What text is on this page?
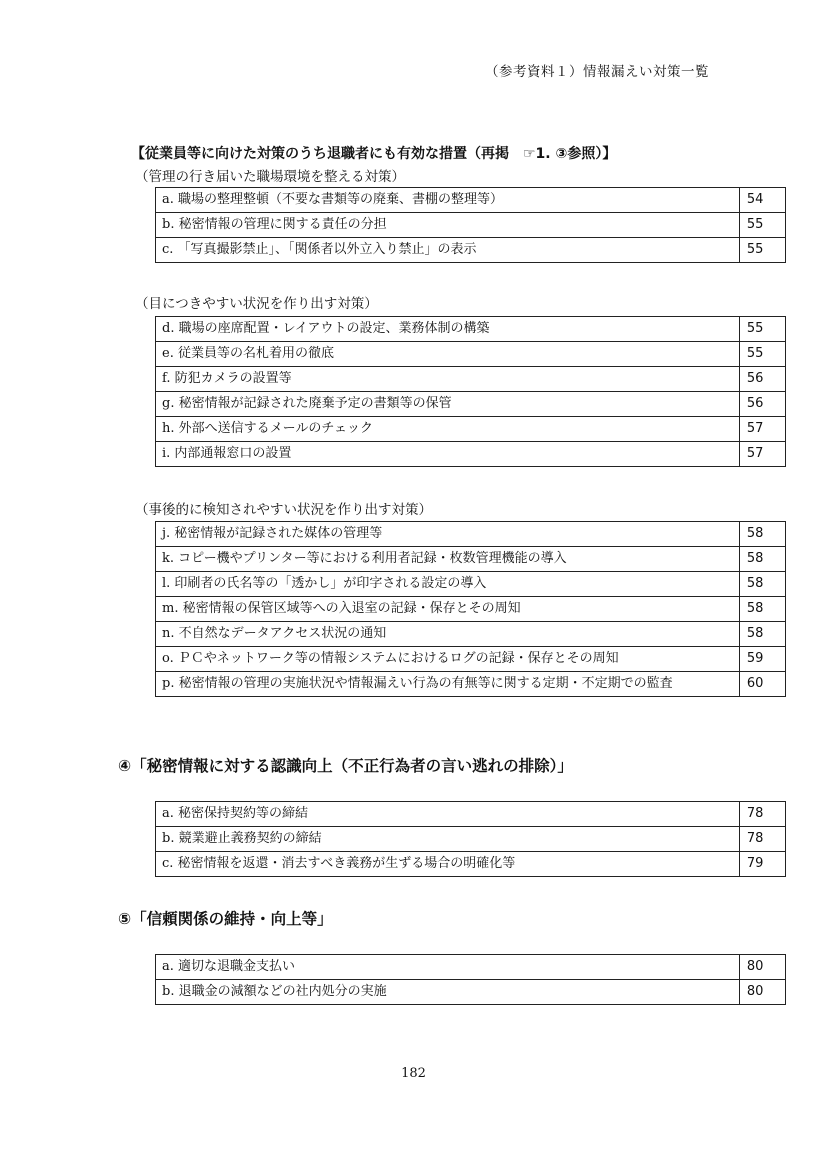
（参考資料１）情報漏えい対策一覧
【従業員等に向けた対策のうち退職者にも有効な措置（再掲　☞1. ③参照）】
（管理の行き届いた職場環境を整える対策）
a. 職場の整理整頓（不要な書類等の廃棄、書棚の整理等）	54
b. 秘密情報の管理に関する責任の分担	55
c. 「写真撮影禁止」、「関係者以外立入り禁止」の表示	55
（目につきやすい状況を作り出す対策）
d. 職場の座席配置・レイアウトの設定、業務体制の構築	55
e. 従業員等の名札着用の徹底	55
f. 防犯カメラの設置等	56
g. 秘密情報が記録された廃棄予定の書類等の保管	56
h. 外部へ送信するメールのチェック	57
i. 内部通報窓口の設置	57
（事後的に検知されやすい状況を作り出す対策）
j. 秘密情報が記録された媒体の管理等	58
k. コピー機やプリンター等における利用者記録・枚数管理機能の導入	58
l. 印刷者の氏名等の「透かし」が印字される設定の導入	58
m. 秘密情報の保管区域等への入退室の記録・保存とその周知	58
n. 不自然なデータアクセス状況の通知	58
o. ＰＣやネットワーク等の情報システムにおけるログの記録・保存とその周知	59
p. 秘密情報の管理の実施状況や情報漏えい行為の有無等に関する定期・不定期での監査	60
④「秘密情報に対する認識向上（不正行為者の言い逃れの排除）」
a. 秘密保持契約等の締結	78
b. 競業避止義務契約の締結	78
c. 秘密情報を返還・消去すべき義務が生ずる場合の明確化等	79
⑤「信頼関係の維持・向上等」
a. 適切な退職金支払い	80
b. 退職金の減額などの社内処分の実施	80
182
